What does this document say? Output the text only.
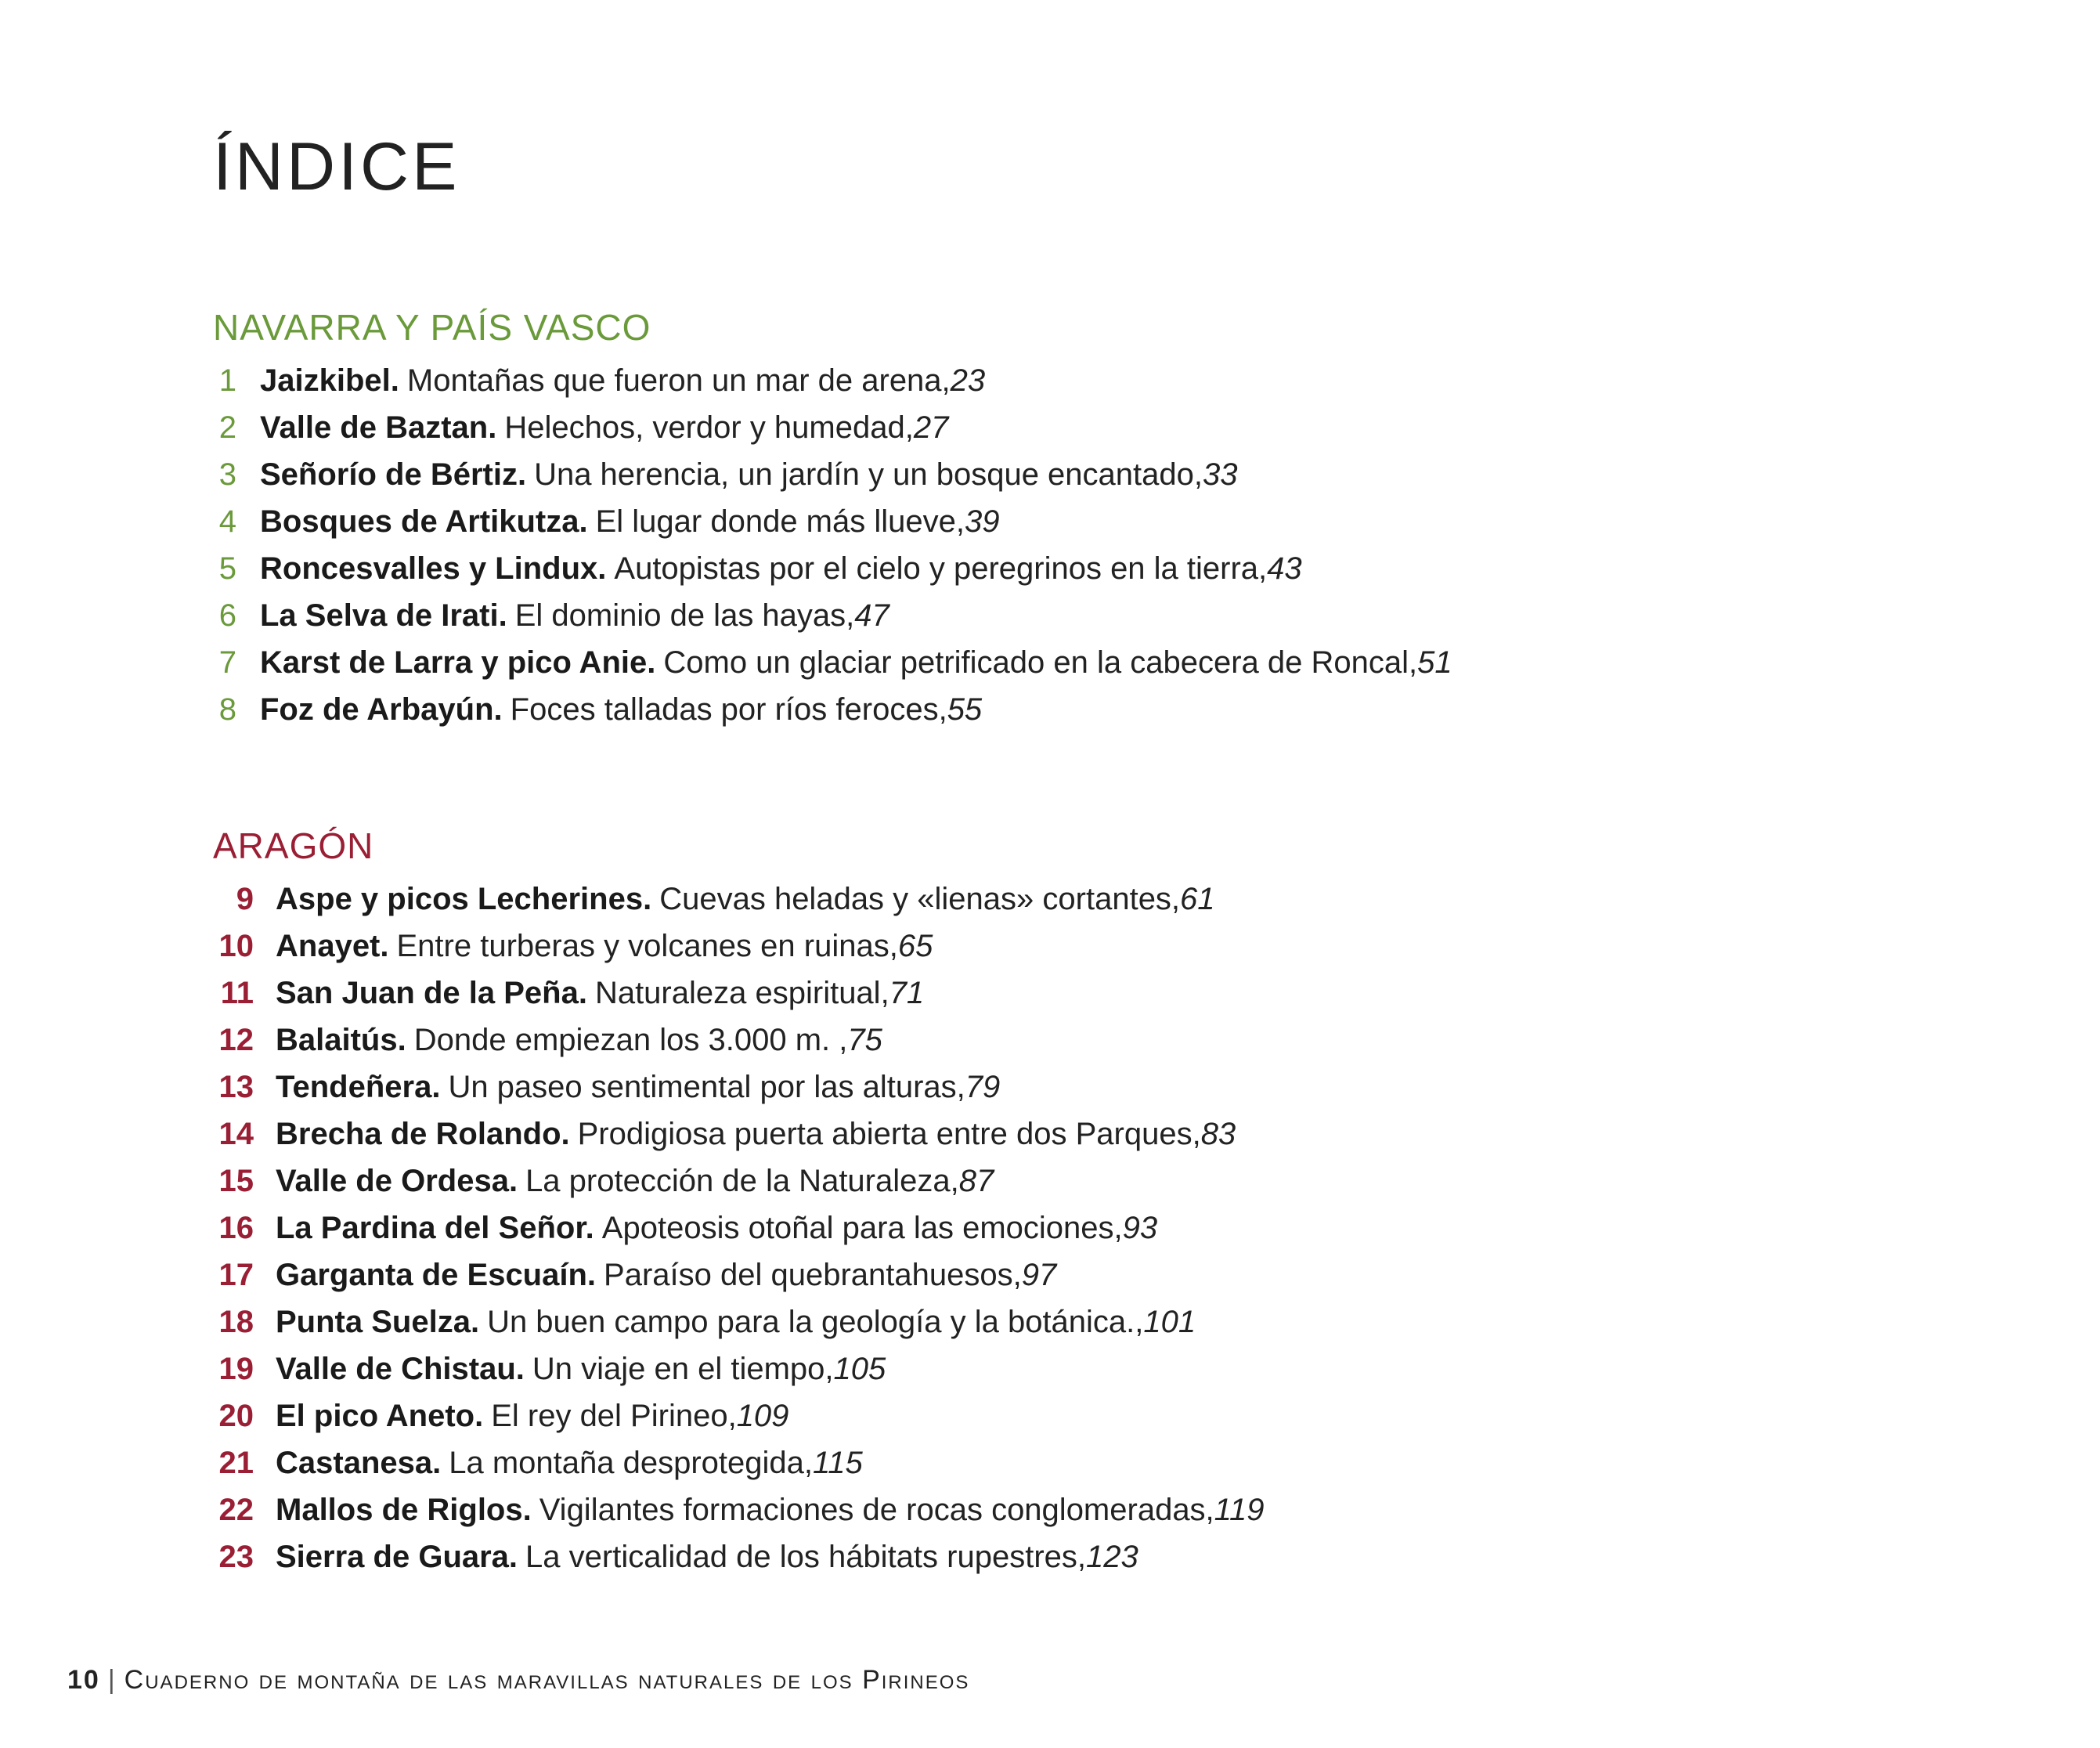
ÍNDICE
NAVARRA Y PAÍS VASCO
1 Jaizkibel. Montañas que fueron un mar de arena, 23
2 Valle de Baztan. Helechos, verdor y humedad, 27
3 Señorío de Bértiz. Una herencia, un jardín y un bosque encantado, 33
4 Bosques de Artikutza. El lugar donde más llueve, 39
5 Roncesvalles y Lindux. Autopistas por el cielo y peregrinos en la tierra, 43
6 La Selva de Irati. El dominio de las hayas, 47
7 Karst de Larra y pico Anie. Como un glaciar petrificado en la cabecera de Roncal, 51
8 Foz de Arbayún. Foces talladas por ríos feroces, 55
ARAGÓN
9 Aspe y picos Lecherines. Cuevas heladas y «lienas» cortantes, 61
10 Anayet. Entre turberas y volcanes en ruinas, 65
11 San Juan de la Peña. Naturaleza espiritual, 71
12 Balaitús. Donde empiezan los 3.000 m. , 75
13 Tendeñera. Un paseo sentimental por las alturas, 79
14 Brecha de Rolando. Prodigiosa puerta abierta entre dos Parques, 83
15 Valle de Ordesa. La protección de la Naturaleza, 87
16 La Pardina del Señor. Apoteosis otoñal para las emociones, 93
17 Garganta de Escuaín. Paraíso del quebrantahuesos, 97
18 Punta Suelza. Un buen campo para la geología y la botánica., 101
19 Valle de Chistau. Un viaje en el tiempo, 105
20 El pico Aneto. El rey del Pirineo, 109
21 Castanesa. La montaña desprotegida, 115
22 Mallos de Riglos. Vigilantes formaciones de rocas conglomeradas, 119
23 Sierra de Guara. La verticalidad de los hábitats rupestres, 123
10 | Cuaderno de montaña de las maravillas naturales de los Pirineos
